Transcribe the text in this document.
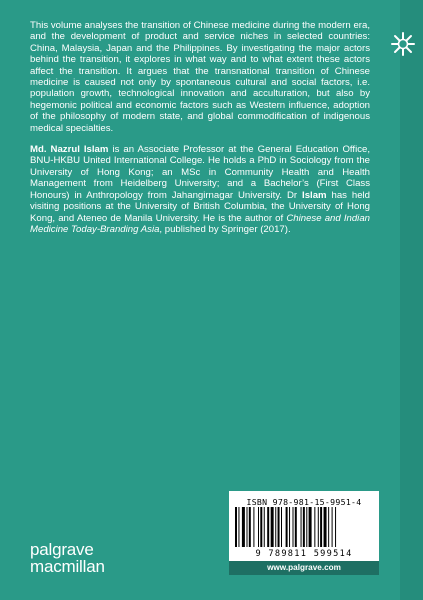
This volume analyses the transition of Chinese medicine during the modern era, and the development of product and service niches in selected countries: China, Malaysia, Japan and the Philippines. By investigating the major actors behind the transition, it explores in what way and to what extent these actors affect the transition. It argues that the transnational transition of Chinese medicine is caused not only by spontaneous cultural and social factors, i.e. population growth, technological innovation and acculturation, but also by hegemonic political and economic factors such as Western influence, adoption of the philosophy of modern state, and global commodification of indigenous medical specialties.

Md. Nazrul Islam is an Associate Professor at the General Education Office, BNU-HKBU United International College. He holds a PhD in Sociology from the University of Hong Kong; an MSc in Community Health and Health Management from Heidelberg University; and a Bachelor’s (First Class Honours) in Anthropology from Jahangirnagar University. Dr Islam has held visiting positions at the University of British Columbia, the University of Hong Kong, and Ateneo de Manila University. He is the author of Chinese and Indian Medicine Today-Branding Asia, published by Springer (2017).

ISBN 978-981-15-9951-4
9 789811 599514
www.palgrave.com
palgrave
macmillan
